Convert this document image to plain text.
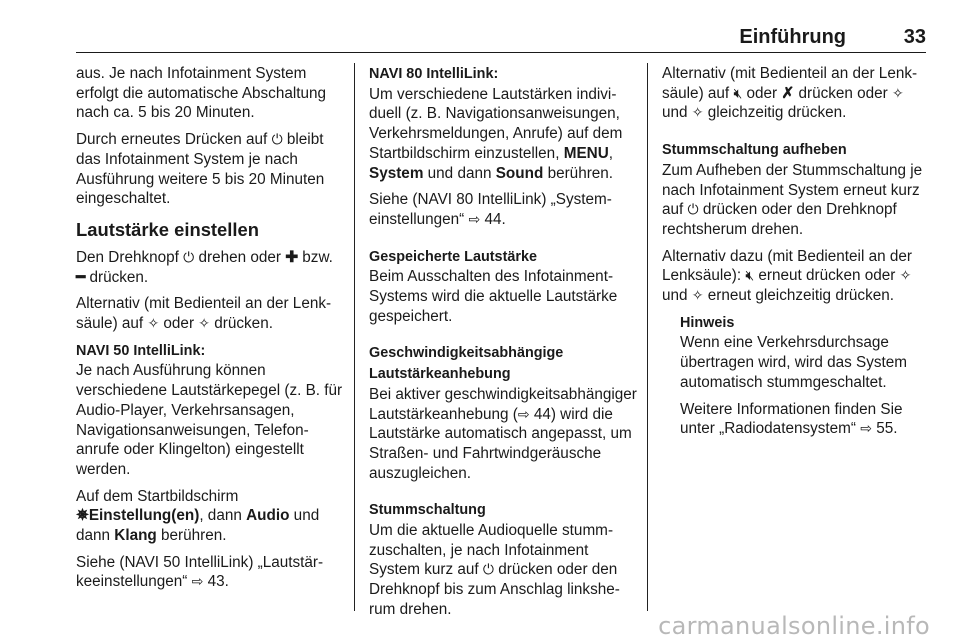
Einführung	33

aus. Je nach Infotainment System erfolgt die automatische Abschaltung nach ca. 5 bis 20 Minuten.

Durch erneutes Drücken auf ⏻ bleibt das Infotainment System je nach Ausführung weitere 5 bis 20 Minuten eingeschaltet.

Lautstärke einstellen

Den Drehknopf ⏻ drehen oder ✚ bzw. ━ drücken.

Alternativ (mit Bedienteil an der Lenksäule) auf ✧ oder ✧ drücken.

NAVI 50 IntelliLink:
Je nach Ausführung können verschiedene Lautstärkepegel (z. B. für Audio-Player, Verkehrsansagen, Navigationsanweisungen, Telefonanrufe oder Klingelton) eingestellt werden.

Auf dem Startbildschirm ✵Einstellung(en), dann Audio und dann Klang berühren.

Siehe (NAVI 50 IntelliLink) „Lautstärkeeinstellungen“ ⇨ 43.

NAVI 80 IntelliLink:
Um verschiedene Lautstärken individuell (z. B. Navigationsanweisungen, Verkehrsmeldungen, Anrufe) auf dem Startbildschirm einzustellen, MENU, System und dann Sound berühren.

Siehe (NAVI 80 IntelliLink) „Systemeinstellungen“ ⇨ 44.

Gespeicherte Lautstärke
Beim Ausschalten des Infotainment-Systems wird die aktuelle Lautstärke gespeichert.

Geschwindigkeitsabhängige Lautstärkeanhebung
Bei aktiver geschwindigkeitsabhängiger Lautstärkeanhebung (⇨ 44) wird die Lautstärke automatisch angepasst, um Straßen- und Fahrtwindgeräusche auszugleichen.

Stummschaltung
Um die aktuelle Audioquelle stummzuschalten, je nach Infotainment System kurz auf ⏻ drücken oder den Drehknopf bis zum Anschlag linksherum drehen.

Alternativ (mit Bedienteil an der Lenksäule) auf 🔇︎ oder ✗ drücken oder ✧ und ✧ gleichzeitig drücken.

Stummschaltung aufheben
Zum Aufheben der Stummschaltung je nach Infotainment System erneut kurz auf ⏻ drücken oder den Drehknopf rechtsherum drehen.

Alternativ dazu (mit Bedienteil an der Lenksäule): 🔇︎ erneut drücken oder ✧ und ✧ erneut gleichzeitig drücken.

Hinweis
Wenn eine Verkehrsdurchsage übertragen wird, wird das System automatisch stummgeschaltet.

Weitere Informationen finden Sie unter „Radiodatensystem“ ⇨ 55.

carmanualsonline.info
